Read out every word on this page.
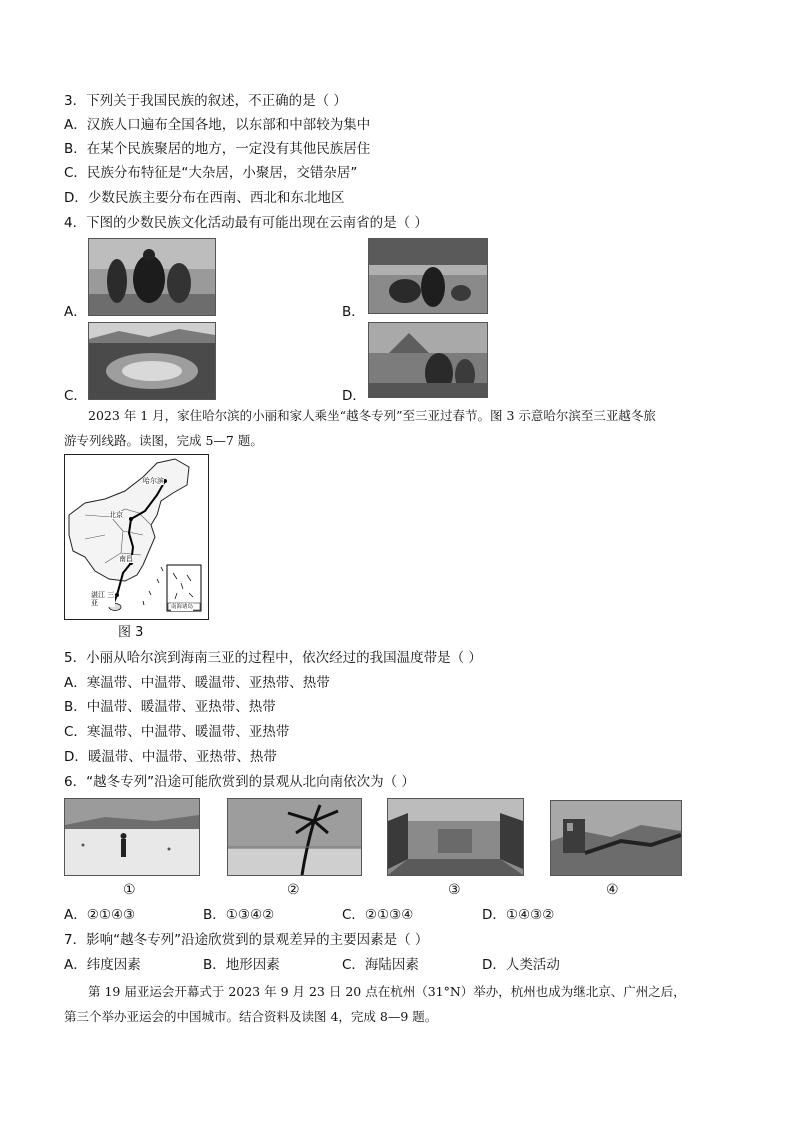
3．下列关于我国民族的叙述，不正确的是（ ）
A．汉族人口遍布全国各地，以东部和中部较为集中
B．在某个民族聚居的地方，一定没有其他民族居住
C．民族分布特征是“大杂居，小聚居，交错杂居”
D．少数民族主要分布在西南、西北和东北地区
4．下图的少数民族文化活动最有可能出现在云南省的是（ ）
A．	B．
C．	D．
2023 年 1 月，家住哈尔滨的小丽和家人乘坐“越冬专列”至三亚过春节。图 3 示意哈尔滨至三亚越冬旅
游专列线路。读图，完成 5—7 题。
哈尔滨
北京
南昌
湛江 三亚	南海诸岛
图 3
5．小丽从哈尔滨到海南三亚的过程中，依次经过的我国温度带是（ ）
A．寒温带、中温带、暖温带、亚热带、热带
B．中温带、暖温带、亚热带、热带
C．寒温带、中温带、暖温带、亚热带
D．暖温带、中温带、亚热带、热带
6．“越冬专列”沿途可能欣赏到的景观从北向南依次为（ ）
①	②	③	④
A．②①④③	B．①③④②	C．②①③④	D．①④③②
7．影响“越冬专列”沿途欣赏到的景观差异的主要因素是（ ）
A．纬度因素	B．地形因素	C．海陆因素	D．人类活动
第 19 届亚运会开幕式于 2023 年 9 月 23 日 20 点在杭州（31°N）举办，杭州也成为继北京、广州之后，
第三个举办亚运会的中国城市。结合资料及读图 4，完成 8—9 题。
